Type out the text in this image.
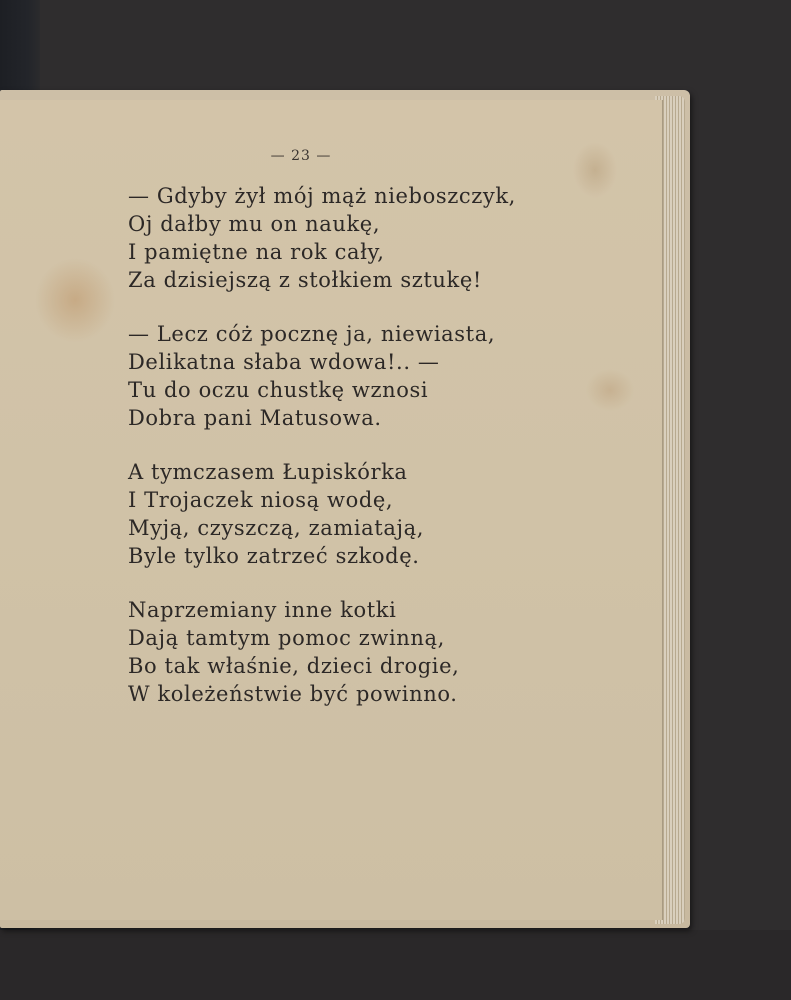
— 23 —
— Gdyby żył mój mąż nieboszczyk,
Oj dałby mu on naukę,
I pamiętne na rok cały,
Za dzisiejszą z stołkiem sztukę!
— Lecz cóż pocznę ja, niewiasta,
Delikatna słaba wdowa!.. —
Tu do oczu chustkę wznosi
Dobra pani Matusowa.
A tymczasem Łupiskórka
I Trojaczek niosą wodę,
Myją, czyszczą, zamiatają,
Byle tylko zatrzeć szkodę.
Naprzemiany inne kotki
Dają tamtym pomoc zwinną,
Bo tak właśnie, dzieci drogie,
W koleżeństwie być powinno.
